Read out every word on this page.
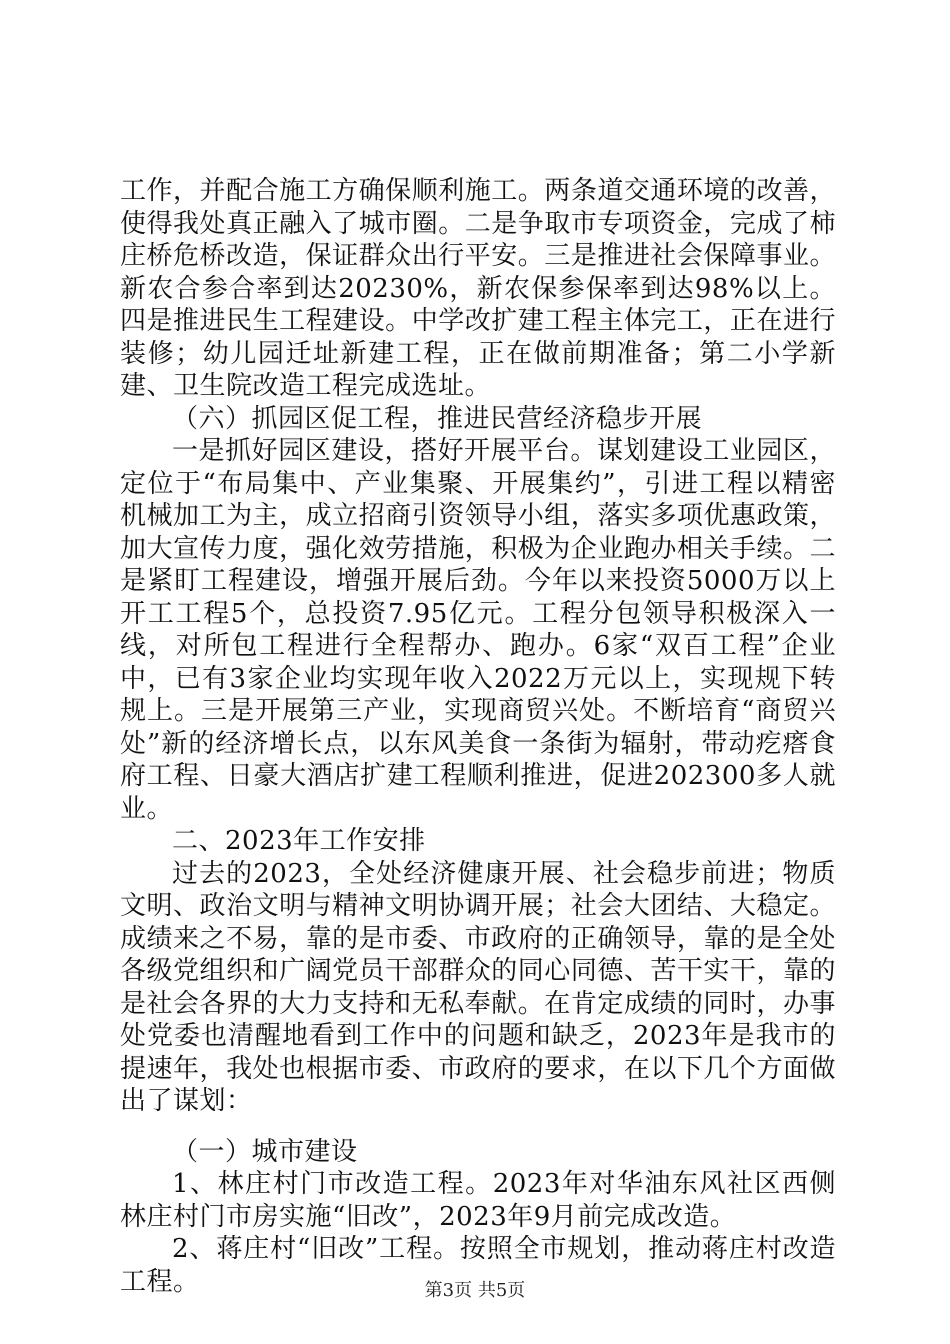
工作，并配合施工方确保顺利施工。两条道交通环境的改善，使得我处真正融入了城市圈。二是争取市专项资金，完成了柿庄桥危桥改造，保证群众出行平安。三是推进社会保障事业。新农合参合率到达20230%，新农保参保率到达98%以上。四是推进民生工程建设。中学改扩建工程主体完工，正在进行装修；幼儿园迁址新建工程，正在做前期准备；第二小学新建、卫生院改造工程完成选址。

（六）抓园区促工程，推进民营经济稳步开展

一是抓好园区建设，搭好开展平台。谋划建设工业园区，定位于“布局集中、产业集聚、开展集约”，引进工程以精密机械加工为主，成立招商引资领导小组，落实多项优惠政策，加大宣传力度，强化效劳措施，积极为企业跑办相关手续。二是紧盯工程建设，增强开展后劲。今年以来投资5000万以上开工工程5个，总投资7.95亿元。工程分包领导积极深入一线，对所包工程进行全程帮办、跑办。6家“双百工程”企业中，已有3家企业均实现年收入2022万元以上，实现规下转规上。三是开展第三产业，实现商贸兴处。不断培育“商贸兴处”新的经济增长点，以东风美食一条街为辐射，带动疙瘩食府工程、日豪大酒店扩建工程顺利推进，促进202300多人就业。

二、2023年工作安排

过去的2023，全处经济健康开展、社会稳步前进；物质文明、政治文明与精神文明协调开展；社会大团结、大稳定。成绩来之不易，靠的是市委、市政府的正确领导，靠的是全处各级党组织和广阔党员干部群众的同心同德、苦干实干，靠的是社会各界的大力支持和无私奉献。在肯定成绩的同时，办事处党委也清醒地看到工作中的问题和缺乏，2023年是我市的提速年，我处也根据市委、市政府的要求，在以下几个方面做出了谋划：

（一）城市建设

1、林庄村门市改造工程。2023年对华油东风社区西侧林庄村门市房实施“旧改”，2023年9月前完成改造。

2、蒋庄村“旧改”工程。按照全市规划，推动蒋庄村改造工程。	第3页 共5页
